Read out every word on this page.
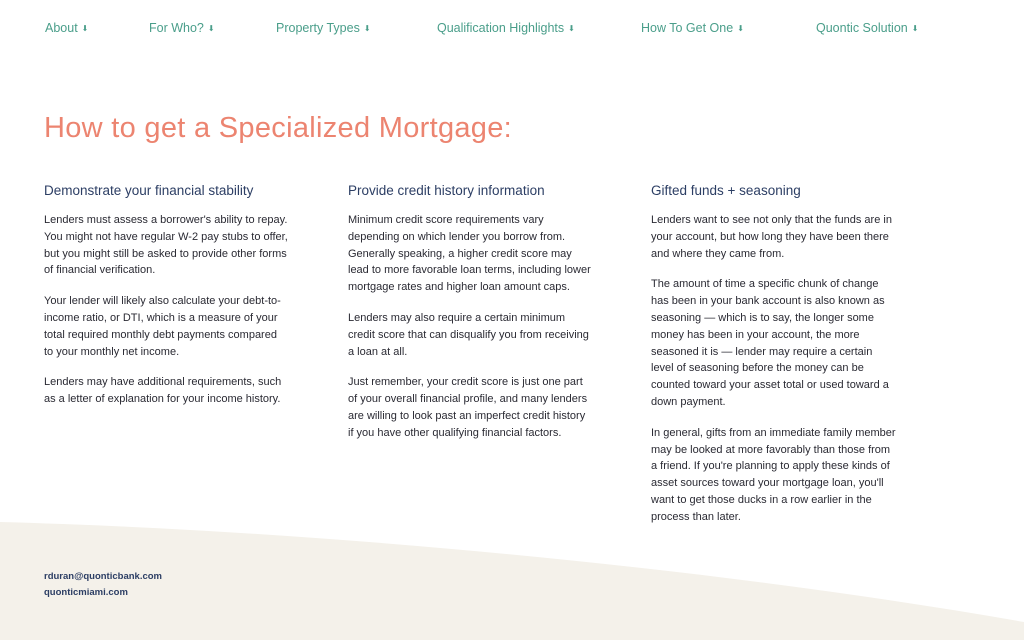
About ⬇	For Who? ⬇	Property Types ⬇	Qualification Highlights ⬇	How To Get One ⬇	Quontic Solution ⬇
How to get a Specialized Mortgage:
Demonstrate your financial stability

Lenders must assess a borrower's ability to repay. You might not have regular W-2 pay stubs to offer, but you might still be asked to provide other forms of financial verification.

Your lender will likely also calculate your debt-to-income ratio, or DTI, which is a measure of your total required monthly debt payments compared to your monthly net income.

Lenders may have additional requirements, such as a letter of explanation for your income history.

Provide credit history information

Minimum credit score requirements vary depending on which lender you borrow from. Generally speaking, a higher credit score may lead to more favorable loan terms, including lower mortgage rates and higher loan amount caps.

Lenders may also require a certain minimum credit score that can disqualify you from receiving a loan at all.

Just remember, your credit score is just one part of your overall financial profile, and many lenders are willing to look past an imperfect credit history if you have other qualifying financial factors.

Gifted funds + seasoning

Lenders want to see not only that the funds are in your account, but how long they have been there and where they came from.

The amount of time a specific chunk of change has been in your bank account is also known as seasoning — which is to say, the longer some money has been in your account, the more seasoned it is — lender may require a certain level of seasoning before the money can be counted toward your asset total or used toward a down payment.

In general, gifts from an immediate family member may be looked at more favorably than those from a friend. If you're planning to apply these kinds of asset sources toward your mortgage loan, you'll want to get those ducks in a row earlier in the process than later.

rduran@quonticbank.com
quonticmiami.com
